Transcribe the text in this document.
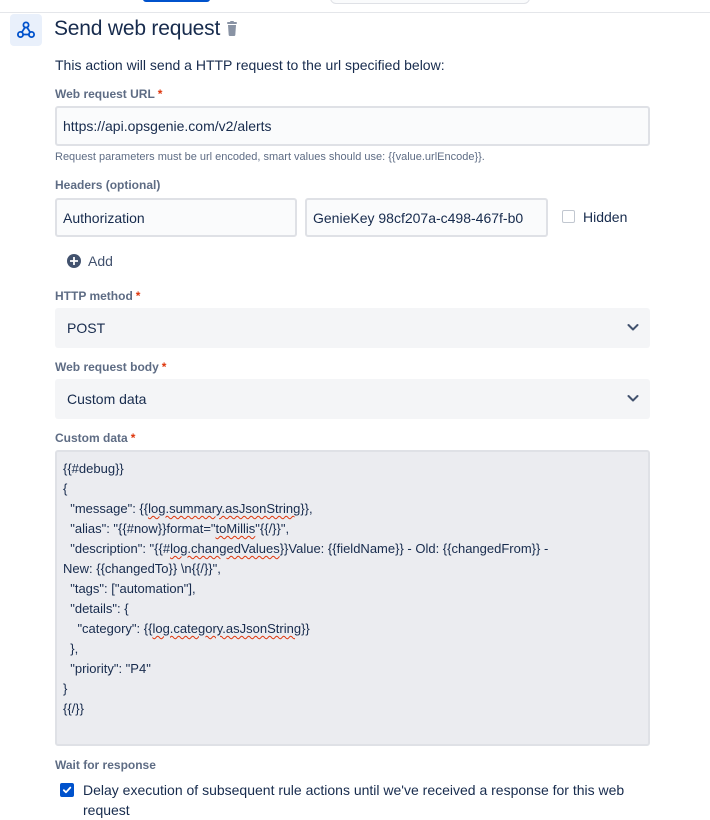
Send web request
This action will send a HTTP request to the url specified below:
Web request URL *
https://api.opsgenie.com/v2/alerts
Request parameters must be url encoded, smart values should use: {{value.urlEncode}}.
Headers (optional)
Authorization	GenieKey 98cf207a-c498-467f-b0	Hidden
Add
HTTP method *
POST
Web request body *
Custom data
Custom data *
{{#debug}}
{
"message": {{log.summary.asJsonString}},
"alias": "{{#now}}format="toMillis"{{/}}",
"description": "{{#log.changedValues}}Value: {{fieldName}} - Old: {{changedFrom}} -
New: {{changedTo}} \n{{/}}",
"tags": ["automation"],
"details": {
"category": {{log.category.asJsonString}}
},
"priority": "P4"
}
{{/}}
Wait for response
Delay execution of subsequent rule actions until we've received a response for this web request
